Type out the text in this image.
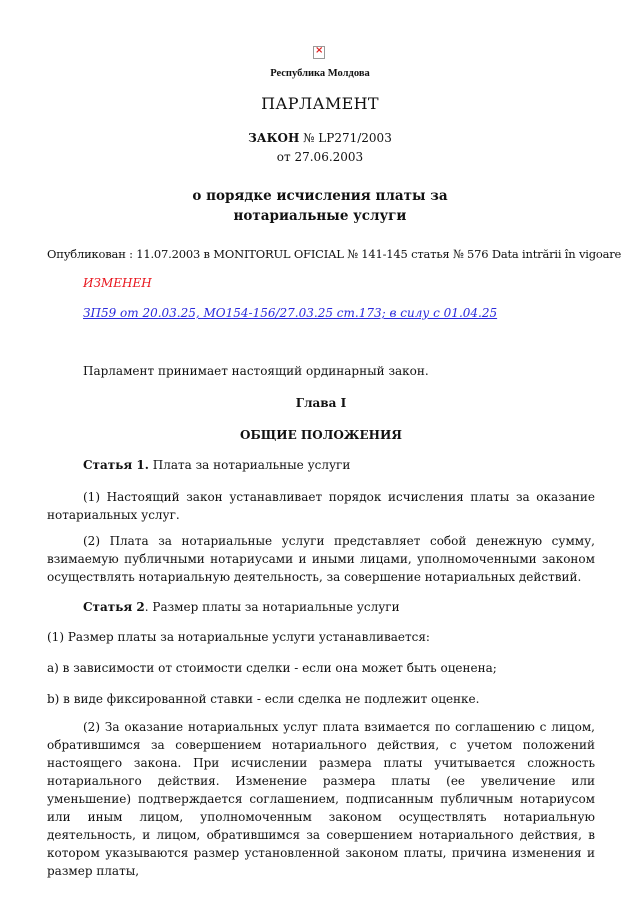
×
Республика Молдова
ПАРЛАМЕНТ
ЗАКОН № LP271/2003
от 27.06.2003
о порядке исчисления платы за
нотариальные услуги
Опубликован : 11.07.2003 в MONITORUL OFICIAL № 141-145 статья № 576 Data intrării în vigoare
ИЗМЕНЕН
ЗП59 от 20.03.25, MO154-156/27.03.25 ст.173; в силу с 01.04.25
Парламент принимает настоящий ординарный закон.
Глава I
ОБЩИЕ ПОЛОЖЕНИЯ
Статья 1. Плата за нотариальные услуги
(1) Настоящий закон устанавливает порядок исчисления платы за оказание нотариальных услуг.
(2) Плата за нотариальные услуги представляет собой денежную сумму, взимаемую публичными нотариусами и иными лицами, уполномоченными законом осуществлять нотариальную деятельность, за совершение нотариальных действий.
Статья 2. Размер платы за нотариальные услуги
(1) Размер платы за нотариальные услуги устанавливается:
a) в зависимости от стоимости сделки - если она может быть оценена;
b) в виде фиксированной ставки - если сделка не подлежит оценке.
(2) За оказание нотариальных услуг плата взимается по соглашению с лицом, обратившимся за совершением нотариального действия, с учетом положений настоящего закона. При исчислении размера платы учитывается сложность нотариального действия. Изменение размера платы (ее увеличение или уменьшение) подтверждается соглашением, подписанным публичным нотариусом или иным лицом, уполномоченным законом осуществлять нотариальную деятельность, и лицом, обратившимся за совершением нотариального действия, в котором указываются размер установленной законом платы, причина изменения и размер платы,
